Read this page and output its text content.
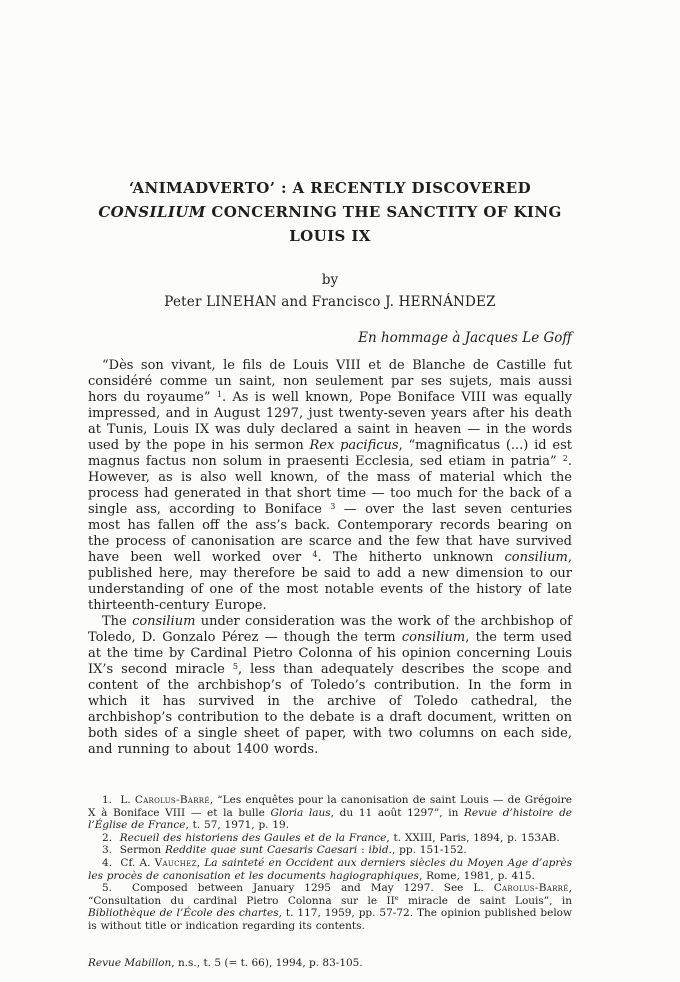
‘ANIMADVERTO’ : A RECENTLY DISCOVERED CONSILIUM CONCERNING THE SANCTITY OF KING LOUIS IX
by
Peter LINEHAN and Francisco J. HERNÁNDEZ
En hommage à Jacques Le Goff

“Dès son vivant, le fils de Louis VIII et de Blanche de Castille fut considéré comme un saint, non seulement par ses sujets, mais aussi hors du royaume” $^1$. As is well known, Pope Boniface VIII was equally impressed, and in August 1297, just twenty-seven years after his death at Tunis, Louis IX was duly declared a saint in heaven — in the words used by the pope in his sermon Rex pacificus, “magnificatus (...) id est magnus factus non solum in praesenti Ecclesia, sed etiam in patria” $^2$. However, as is also well known, of the mass of material which the process had generated in that short time — too much for the back of a single ass, according to Boniface $^3$ — over the last seven centuries most has fallen off the ass’s back. Contemporary records bearing on the process of canonisation are scarce and the few that have survived have been well worked over $^4$. The hitherto unknown consilium, published here, may therefore be said to add a new dimension to our understanding of one of the most notable events of the history of late thirteenth-century Europe.

The consilium under consideration was the work of the archbishop of Toledo, D. Gonzalo Pérez — though the term consilium, the term used at the time by Cardinal Pietro Colonna of his opinion concerning Louis IX’s second miracle $^5$, less than adequately describes the scope and content of the archbishop’s of Toledo’s contribution. In the form in which it has survived in the archive of Toledo cathedral, the archbishop’s contribution to the debate is a draft document, written on both sides of a single sheet of paper, with two columns on each side, and running to about 1400 words.

1.  L. Carolus-Barré, “Les enquêtes pour la canonisation de saint Louis — de Grégoire X à Boniface VIII — et la bulle Gloria laus, du 11 août 1297”, in Revue d’histoire de l’Église de France, t. 57, 1971, p. 19.

2.  Recueil des historiens des Gaules et de la France, t. XXIII, Paris, 1894, p. 153AB.

3.  Sermon Reddite quae sunt Caesaris Caesari : ibid., pp. 151-152.

4.  Cf. A. Vauchez, La sainteté en Occident aux derniers siècles du Moyen Age d’après les procès de canonisation et les documents hagiographiques, Rome, 1981, p. 415.

5.  Composed between January 1295 and May 1297. See L. Carolus-Barré, “Consultation du cardinal Pietro Colonna sur le IIe miracle de saint Louis”, in Bibliothèque de l’École des chartes, t. 117, 1959, pp. 57-72. The opinion published below is without title or indication regarding its contents.

Revue Mabillon, n.s., t. 5 (= t. 66), 1994, p. 83-105.
